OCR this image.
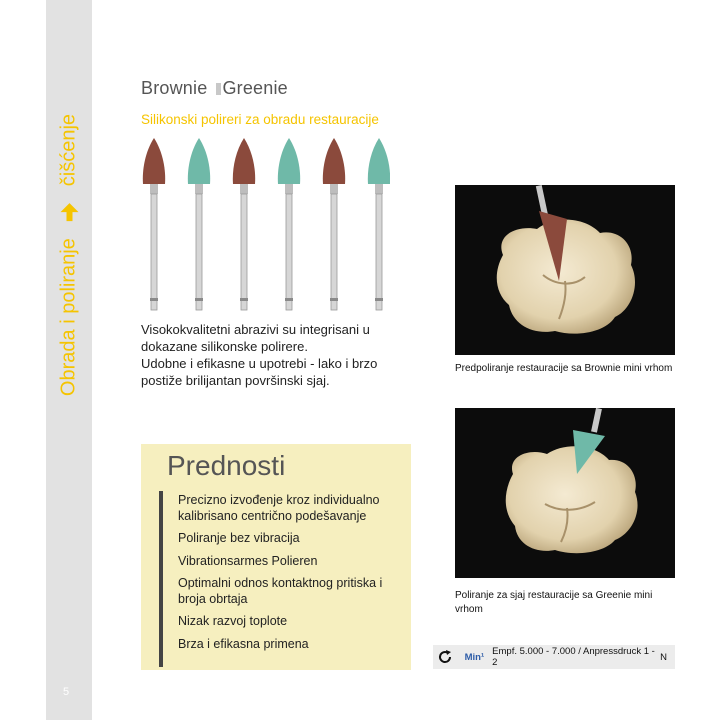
Obrada i poliranje
čišćenje
5
Brownie Greenie
Silikonski polireri za obradu restauracije
Visokokvalitetni abrazivi su integrisani u dokazane silikonske polirere.
Udobne i efikasne u upotrebi - lako i brzo postiže brilijantan površinski sjaj.
Prednosti
Precizno izvođenje kroz individualno kalibrisano centrično podešavanje
Poliranje bez vibracija
Vibrationsarmes Polieren
Optimalni odnos kontaktnog pritiska i broja obrtaja
Nizak razvoj toplote
Brza i efikasna primena
Predpoliranje restauracije sa Brownie mini vrhom
Poliranje za sjaj restauracije sa Greenie mini vrhom
Min¹ Empf. 5.000 - 7.000 / Anpressdruck 1 - 2	N
